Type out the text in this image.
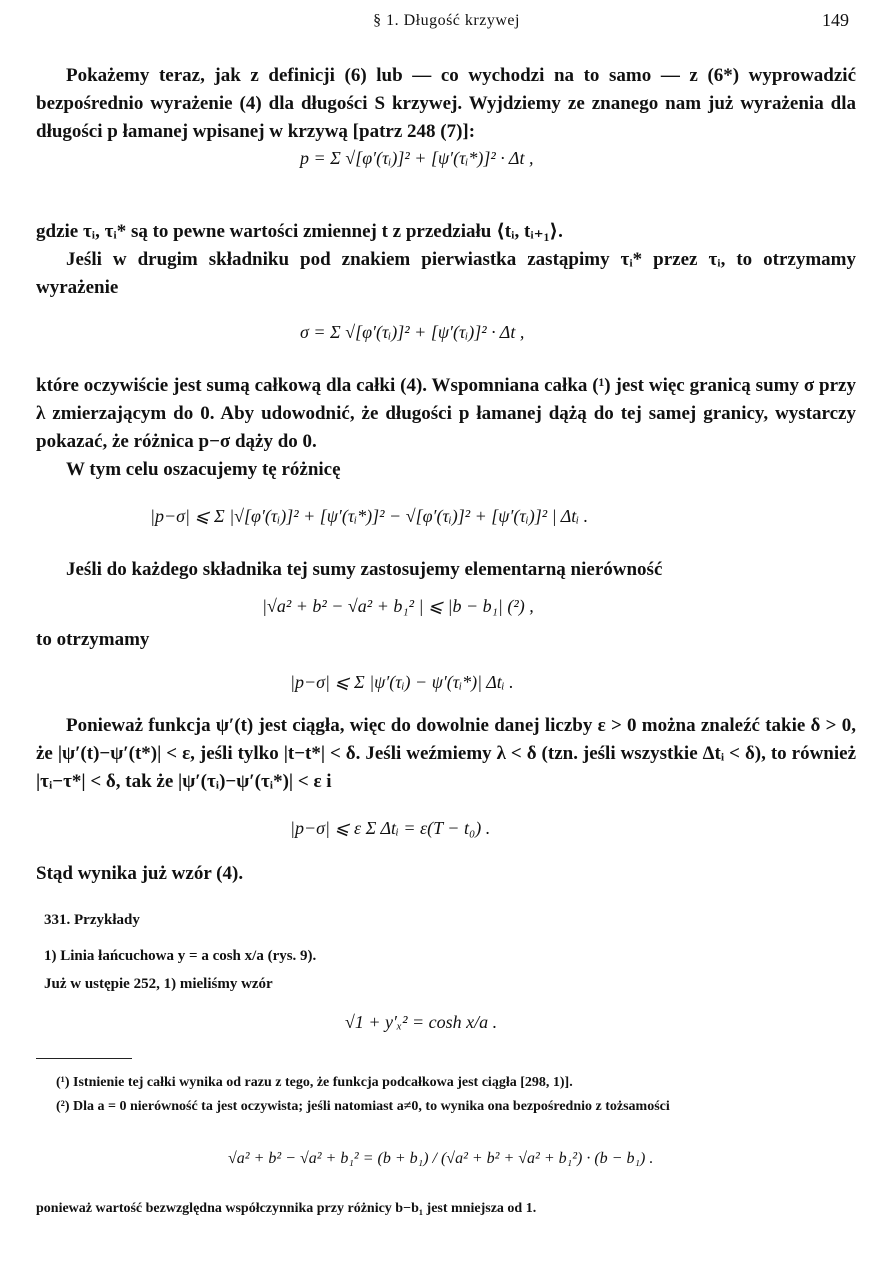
§ 1. Długość krzywej	149
Pokażemy teraz, jak z definicji (6) lub — co wychodzi na to samo — z (6*) wyprowadzić bezpośrednio wyrażenie (4) dla długości S krzywej. Wyjdziemy ze znanego nam już wyrażenia dla długości p łamanej wpisanej w krzywą [patrz 248 (7)]:
p = Σ √[φ′(τᵢ)]² + [ψ′(τᵢ*)]² · Δt ,
gdzie τᵢ, τᵢ* są to pewne wartości zmiennej t z przedziału ⟨tᵢ, tᵢ₊₁⟩.
Jeśli w drugim składniku pod znakiem pierwiastka zastąpimy τᵢ* przez τᵢ, to otrzymamy wyrażenie
σ = Σ √[φ′(τᵢ)]² + [ψ′(τᵢ)]² · Δt ,
które oczywiście jest sumą całkową dla całki (4). Wspomniana całka (¹) jest więc granicą sumy σ przy λ zmierzającym do 0. Aby udowodnić, że długości p łamanej dążą do tej samej granicy, wystarczy pokazać, że różnica p−σ dąży do 0.
W tym celu oszacujemy tę różnicę
|p−σ| ⩽ Σ |√[φ′(τᵢ)]² + [ψ′(τᵢ*)]² − √[φ′(τᵢ)]² + [ψ′(τᵢ)]² | Δtᵢ .
Jeśli do każdego składnika tej sumy zastosujemy elementarną nierówność
|√a² + b² − √a² + b₁² | ⩽ |b − b₁| (²) ,
to otrzymamy
|p−σ| ⩽ Σ |ψ′(τᵢ) − ψ′(τᵢ*)| Δtᵢ .
Ponieważ funkcja ψ′(t) jest ciągła, więc do dowolnie danej liczby ε > 0 można znaleźć takie δ > 0, że |ψ′(t)−ψ′(t*)| < ε, jeśli tylko |t−t*| < δ. Jeśli weźmiemy λ < δ (tzn. jeśli wszystkie Δtᵢ < δ), to również |τᵢ−τ*| < δ, tak że |ψ′(τᵢ)−ψ′(τᵢ*)| < ε i
|p−σ| ⩽ ε Σ Δtᵢ = ε(T − t₀) .
Stąd wynika już wzór (4).
331. Przykłady
1) Linia łańcuchowa y = a cosh x/a (rys. 9).
Już w ustępie 252, 1) mieliśmy wzór
√1 + y′ₓ² = cosh x/a .
(¹) Istnienie tej całki wynika od razu z tego, że funkcja podcałkowa jest ciągła [298, 1)].
(²) Dla a = 0 nierówność ta jest oczywista; jeśli natomiast a≠0, to wynika ona bezpośrednio z tożsamości
√a² + b² − √a² + b₁² = (b + b₁) / (√a² + b² + √a² + b₁²) · (b − b₁) .
ponieważ wartość bezwzględna współczynnika przy różnicy b−b₁ jest mniejsza od 1.
